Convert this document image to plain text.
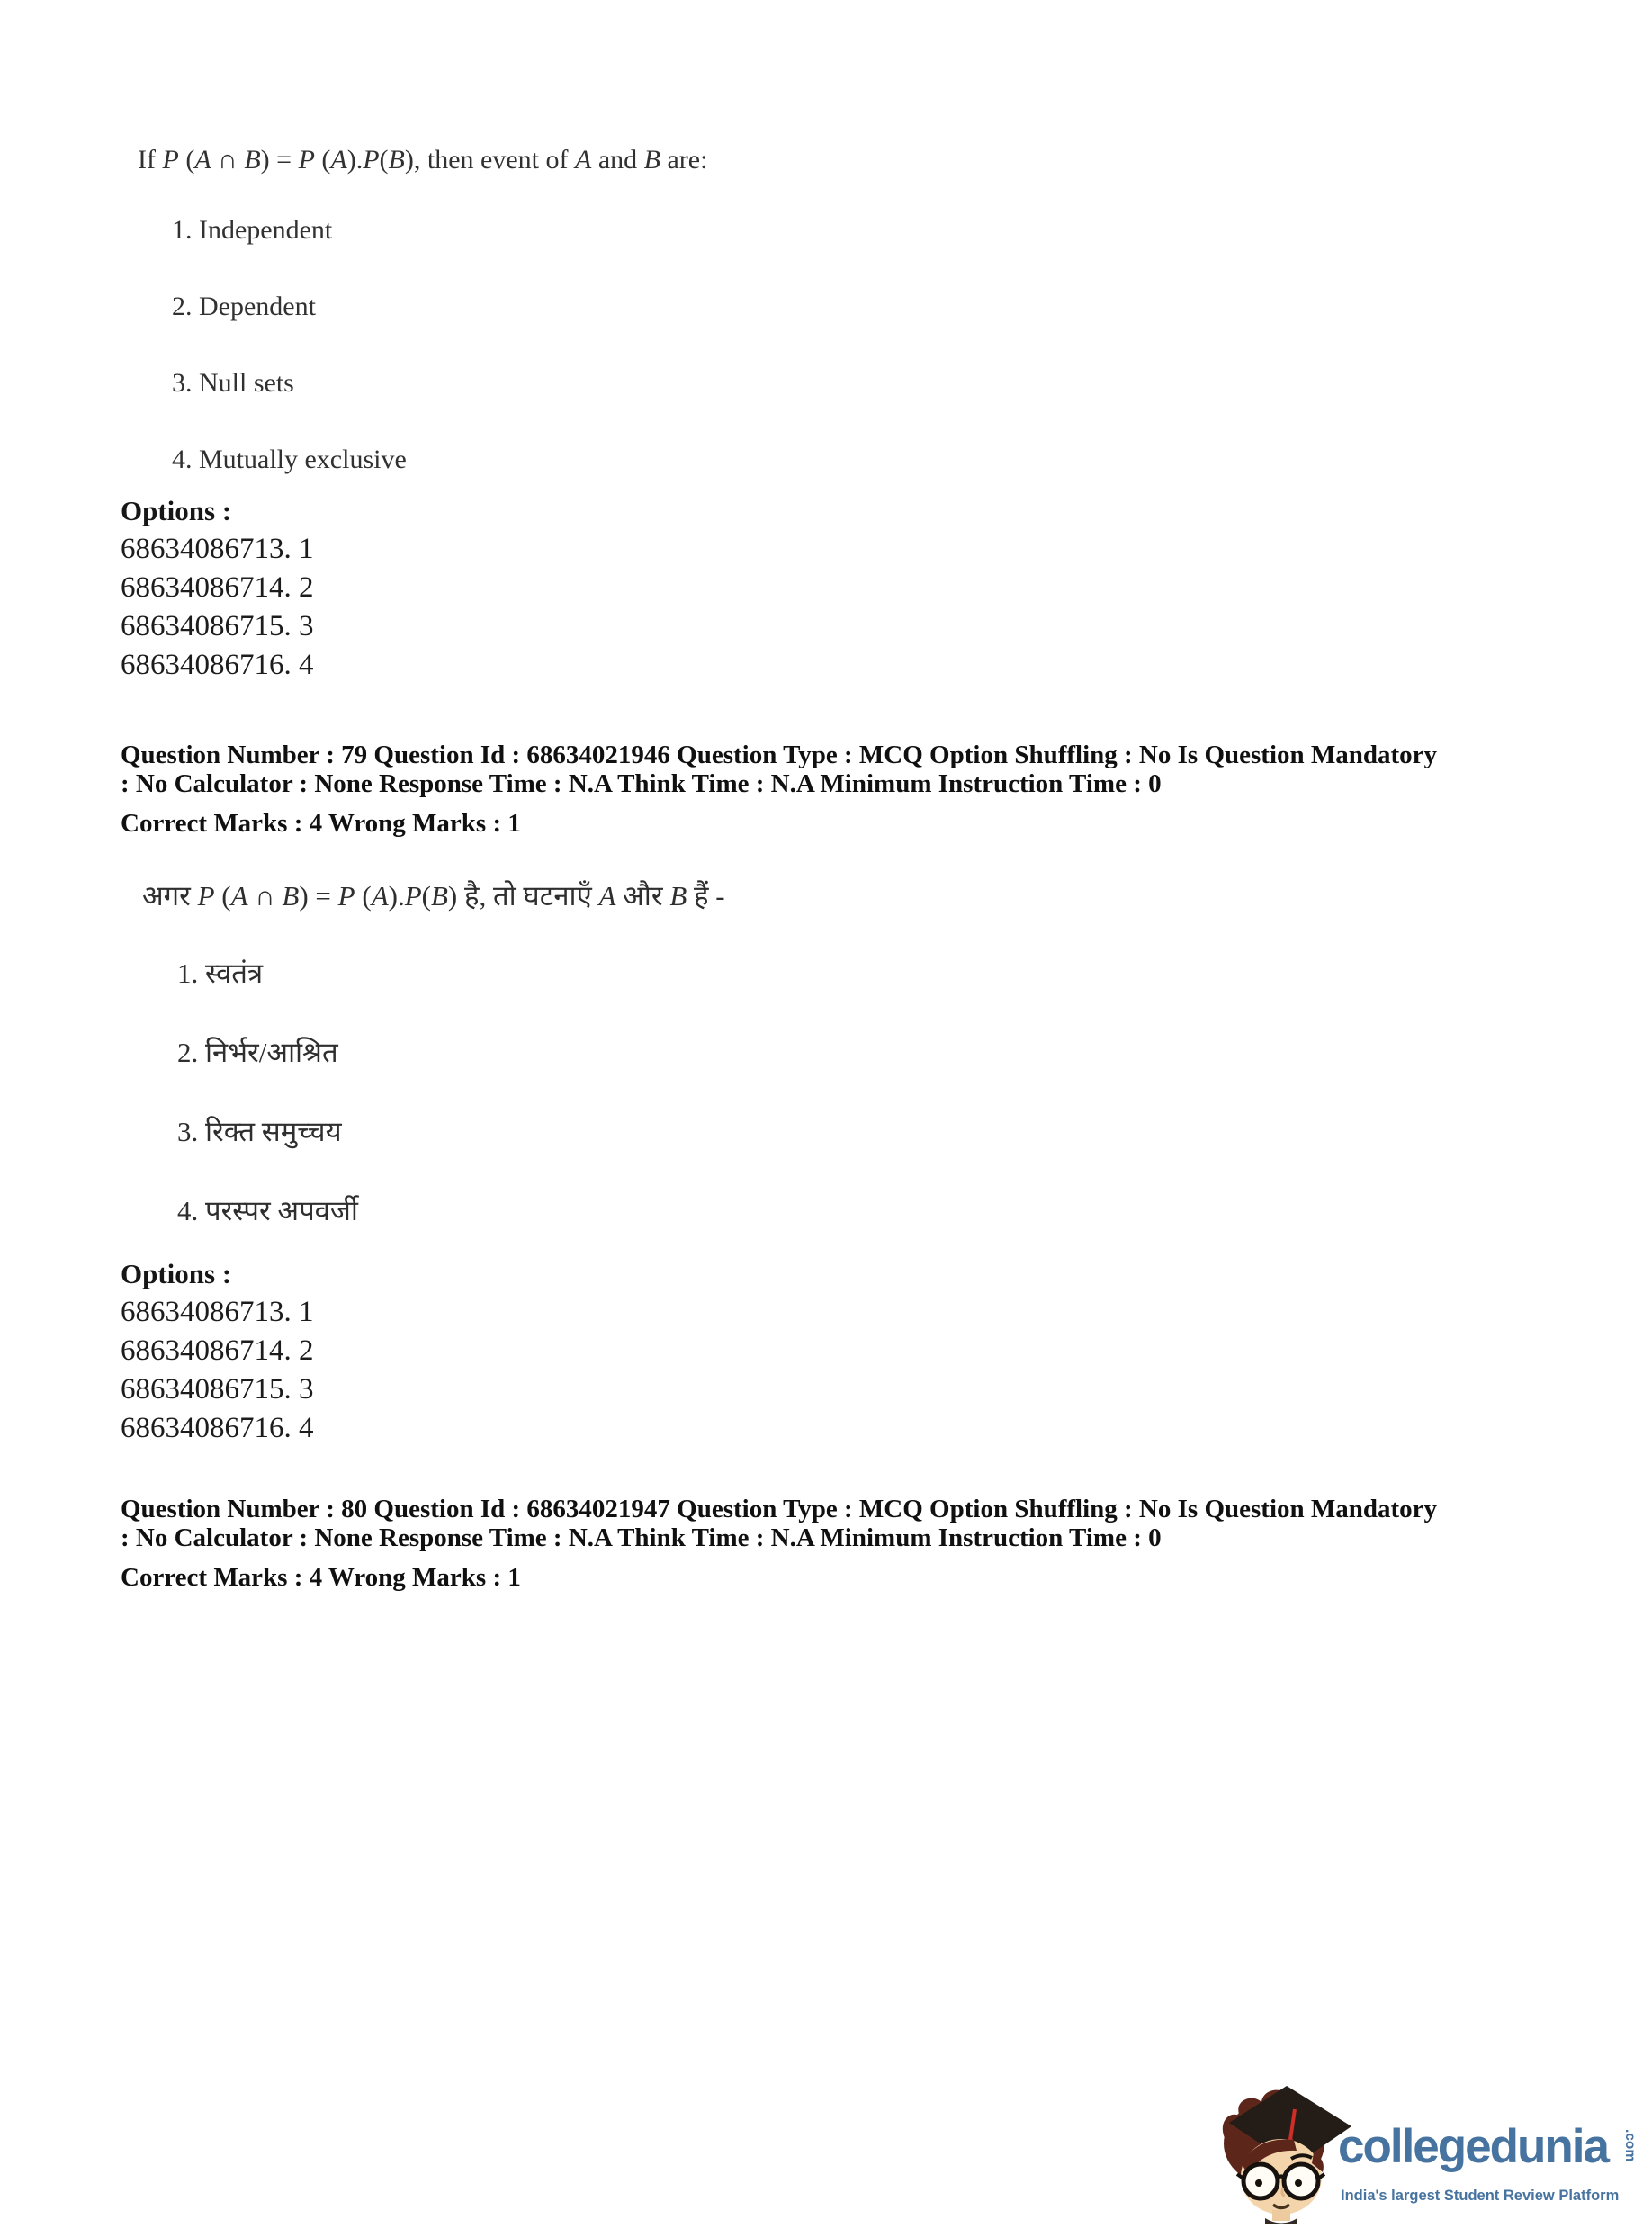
If P (A ∩ B) = P (A).P(B), then event of A and B are:
1. Independent
2. Dependent
3. Null sets
4. Mutually exclusive
Options :
68634086713. 1
68634086714. 2
68634086715. 3
68634086716. 4
Question Number : 79 Question Id : 68634021946 Question Type : MCQ Option Shuffling : No Is Question Mandatory
: No Calculator : None Response Time : N.A Think Time : N.A Minimum Instruction Time : 0
Correct Marks : 4 Wrong Marks : 1
अगर P (A ∩ B) = P (A).P(B) है, तो घटनाएँ A और B हैं -
1. स्वतंत्र
2. निर्भर/आश्रित
3. रिक्त समुच्चय
4. परस्पर अपवर्जी
Options :
68634086713. 1
68634086714. 2
68634086715. 3
68634086716. 4
Question Number : 80 Question Id : 68634021947 Question Type : MCQ Option Shuffling : No Is Question Mandatory
: No Calculator : None Response Time : N.A Think Time : N.A Minimum Instruction Time : 0
Correct Marks : 4 Wrong Marks : 1
collegedunia .com
India's largest Student Review Platform
